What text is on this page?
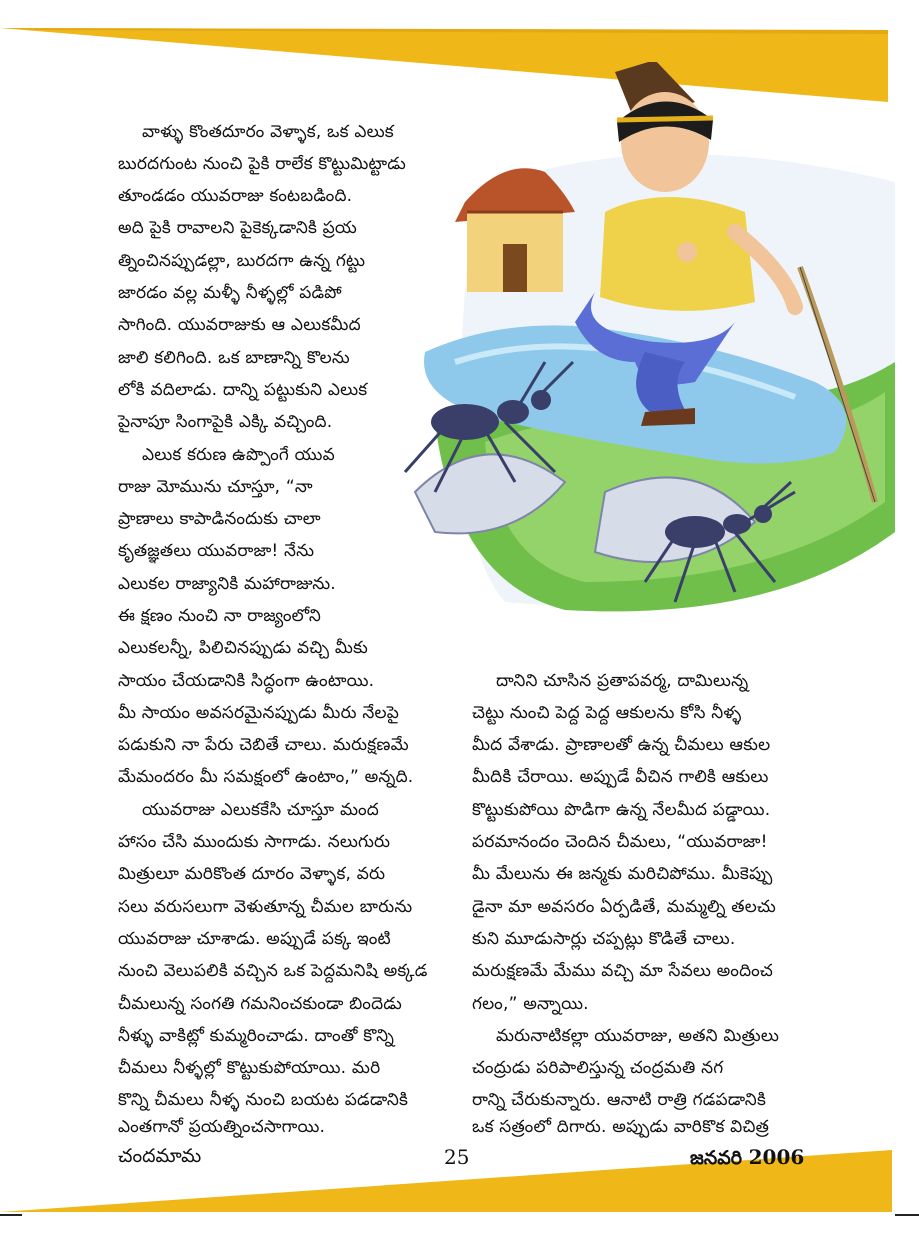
వాళ్ళు కొంతదూరం వెళ్ళాక, ఒక ఎలుక
బురదగుంట నుంచి పైకి రాలేక కొట్టుమిట్టాడు
తూండడం యువరాజు కంటబడింది.
అది పైకి రావాలని పైకెక్కడానికి ప్రయ
త్నించినప్పుడల్లా, బురదగా ఉన్న గట్టు
జారడం వల్ల మళ్ళీ నీళ్ళల్లో పడిపో
సాగింది. యువరాజుకు ఆ ఎలుకమీద
జాలి కలిగింది. ఒక బాణాన్ని కొలను
లోకి వదిలాడు. దాన్ని పట్టుకుని ఎలుక
పైనాపూ సింగాపైకి ఎక్కి వచ్చింది.
ఎలుక కరుణ ఉప్పొంగే యువ
రాజు మోమును చూస్తూ, “నా
ప్రాణాలు కాపాడినందుకు చాలా
కృతజ్ఞతలు యువరాజా! నేను
ఎలుకల రాజ్యానికి మహారాజును.
ఈ క్షణం నుంచి నా రాజ్యంలోని
ఎలుకలన్నీ, పిలిచినప్పుడు వచ్చి మీకు
సాయం చేయడానికి సిద్ధంగా ఉంటాయి.
మీ సాయం అవసరమైనప్పుడు మీరు నేలపై
పడుకుని నా పేరు చెబితే చాలు. మరుక్షణమే
మేమందరం మీ సమక్షంలో ఉంటాం,” అన్నది.
యువరాజు ఎలుకకేసి చూస్తూ మంద
హాసం చేసి ముందుకు సాగాడు. నలుగురు
మిత్రులూ మరికొంత దూరం వెళ్ళాక, వరు
సలు వరుసలుగా వెళుతూన్న చీమల బారును
యువరాజు చూశాడు. అప్పుడే పక్క ఇంటి
నుంచి వెలుపలికి వచ్చిన ఒక పెద్దమనిషి అక్కడ
చీమలున్న సంగతి గమనించకుండా బిందెడు
నీళ్ళు వాకిట్లో కుమ్మరించాడు. దాంతో కొన్ని
చీమలు నీళ్ళల్లో కొట్టుకుపోయాయి. మరి
కొన్ని చీమలు నీళ్ళ నుంచి బయట పడడానికి
ఎంతగానో ప్రయత్నించసాగాయి.
దానిని చూసిన ప్రతాపవర్మ, దామిలున్న
చెట్టు నుంచి పెద్ద పెద్ద ఆకులను కోసి నీళ్ళ
మీద వేశాడు. ప్రాణాలతో ఉన్న చీమలు ఆకుల
మీదికి చేరాయి. అప్పుడే వీచిన గాలికి ఆకులు
కొట్టుకుపోయి పొడిగా ఉన్న నేలమీద పడ్డాయి.
పరమానందం చెందిన చీమలు, “యువరాజా!
మీ మేలును ఈ జన్మకు మరిచిపోము. మీకెప్పు
డైనా మా అవసరం ఏర్పడితే, మమ్మల్ని తలచు
కుని మూడుసార్లు చప్పట్లు కొడితే చాలు.
మరుక్షణమే మేము వచ్చి మా సేవలు అందించ
గలం,” అన్నాయి.
మరునాటికల్లా యువరాజు, అతని మిత్రులు
చంద్రుడు పరిపాలిస్తున్న చంద్రమతి నగ
రాన్ని చేరుకున్నారు. ఆనాటి రాత్రి గడపడానికి
ఒక సత్రంలో దిగారు. అప్పుడు వారికొక విచిత్ర
చందమామ	25	జనవరి 2006
